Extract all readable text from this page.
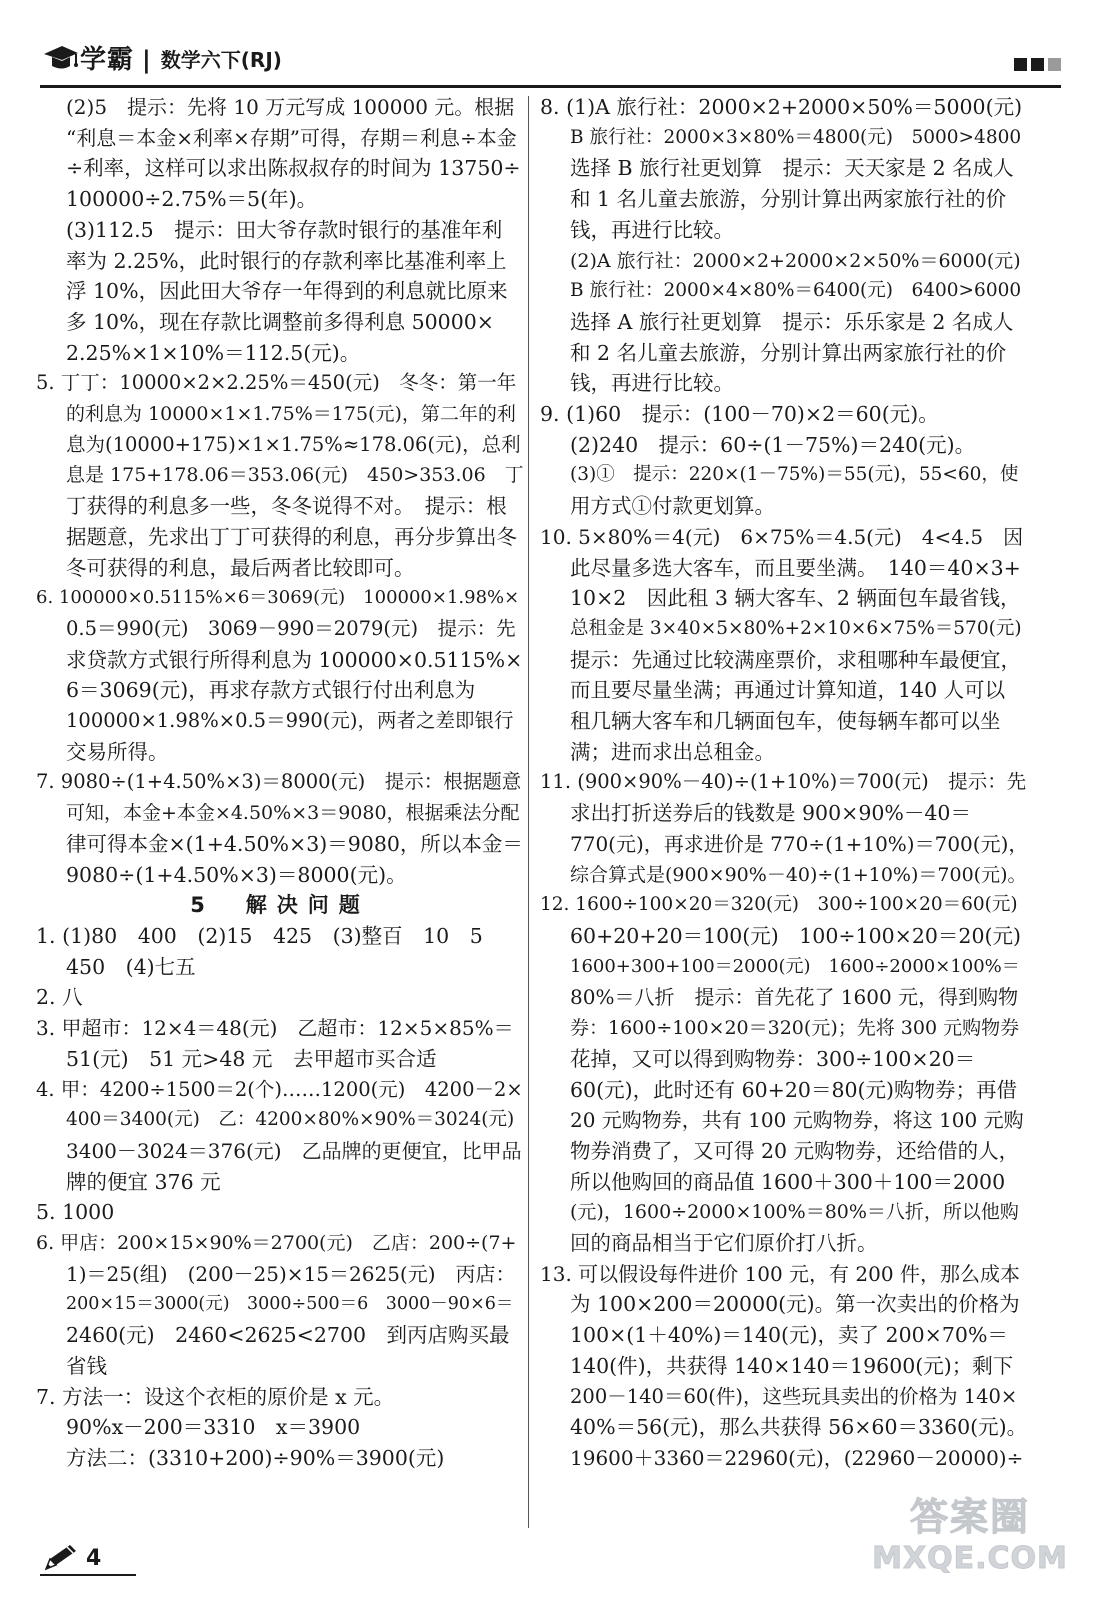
学霸 | 数学六下(RJ)
(2)5　提示：先将 10 万元写成 100000 元。根据
“利息＝本金×利率×存期”可得，存期＝利息÷本金
÷利率，这样可以求出陈叔叔存的时间为 13750÷
100000÷2.75%＝5(年)。
(3)112.5　提示：田大爷存款时银行的基准年利
率为 2.25%，此时银行的存款利率比基准利率上
浮 10%，因此田大爷存一年得到的利息就比原来
多 10%，现在存款比调整前多得利息 50000×
2.25%×1×10%＝112.5(元)。
5. 丁丁：10000×2×2.25%＝450(元)　冬冬：第一年
的利息为 10000×1×1.75%＝175(元)，第二年的利
息为(10000+175)×1×1.75%≈178.06(元)，总利
息是 175+178.06＝353.06(元)　450>353.06　丁
丁获得的利息多一些，冬冬说得不对。　提示：根
据题意，先求出丁丁可获得的利息，再分步算出冬
冬可获得的利息，最后两者比较即可。
6. 100000×0.5115%×6＝3069(元)　100000×1.98%×
0.5＝990(元)　3069－990＝2079(元)　提示：先
求贷款方式银行所得利息为 100000×0.5115%×
6＝3069(元)，再求存款方式银行付出利息为
100000×1.98%×0.5＝990(元)，两者之差即银行
交易所得。
7. 9080÷(1+4.50%×3)＝8000(元)　提示：根据题意
可知，本金+本金×4.50%×3＝9080，根据乘法分配
律可得本金×(1+4.50%×3)＝9080，所以本金＝
9080÷(1+4.50%×3)＝8000(元)。
5　解决问题
1. (1)80　400　(2)15　425　(3)整百　10　5
450　(4)七五
2. 八
3. 甲超市：12×4＝48(元)　乙超市：12×5×85%＝
51(元)　51 元>48 元　去甲超市买合适
4. 甲：4200÷1500＝2(个)……1200(元)　4200－2×
400＝3400(元)　乙：4200×80%×90%＝3024(元)
3400－3024＝376(元)　乙品牌的更便宜，比甲品
牌的便宜 376 元
5. 1000
6. 甲店：200×15×90%＝2700(元)　乙店：200÷(7+
1)＝25(组)　(200－25)×15＝2625(元)　丙店：
200×15＝3000(元)　3000÷500＝6　3000－90×6＝
2460(元)　2460<2625<2700　到丙店购买最
省钱
7. 方法一：设这个衣柜的原价是 x 元。
90%x－200＝3310　x＝3900
方法二：(3310+200)÷90%＝3900(元)
8. (1)A 旅行社：2000×2+2000×50%＝5000(元)
B 旅行社：2000×3×80%＝4800(元)　5000>4800
选择 B 旅行社更划算　提示：天天家是 2 名成人
和 1 名儿童去旅游，分别计算出两家旅行社的价
钱，再进行比较。
(2)A 旅行社：2000×2+2000×2×50%＝6000(元)
B 旅行社：2000×4×80%＝6400(元)　6400>6000
选择 A 旅行社更划算　提示：乐乐家是 2 名成人
和 2 名儿童去旅游，分别计算出两家旅行社的价
钱，再进行比较。
9. (1)60　提示：(100－70)×2＝60(元)。
(2)240　提示：60÷(1－75%)＝240(元)。
(3)①　提示：220×(1－75%)＝55(元)，55<60，使
用方式①付款更划算。
10. 5×80%＝4(元)　6×75%＝4.5(元)　4<4.5　因
此尽量多选大客车，而且要坐满。　140＝40×3+
10×2　因此租 3 辆大客车、2 辆面包车最省钱，
总租金是 3×40×5×80%+2×10×6×75%＝570(元)
提示：先通过比较满座票价，求租哪种车最便宜，
而且要尽量坐满；再通过计算知道，140 人可以
租几辆大客车和几辆面包车，使每辆车都可以坐
满；进而求出总租金。
11. (900×90%－40)÷(1+10%)＝700(元)　提示：先
求出打折送券后的钱数是 900×90%－40＝
770(元)，再求进价是 770÷(1+10%)＝700(元)，
综合算式是(900×90%－40)÷(1+10%)＝700(元)。
12. 1600÷100×20＝320(元)　300÷100×20＝60(元)
60+20+20＝100(元)　100÷100×20＝20(元)
1600+300+100＝2000(元)　1600÷2000×100%＝
80%＝八折　提示：首先花了 1600 元，得到购物
券：1600÷100×20＝320(元)；先将 300 元购物券
花掉，又可以得到购物券：300÷100×20＝
60(元)，此时还有 60+20＝80(元)购物券；再借
20 元购物券，共有 100 元购物券，将这 100 元购
物券消费了，又可得 20 元购物券，还给借的人，
所以他购回的商品值 1600＋300＋100＝2000
(元)，1600÷2000×100%＝80%＝八折，所以他购
回的商品相当于它们原价打八折。
13. 可以假设每件进价 100 元，有 200 件，那么成本
为 100×200＝20000(元)。第一次卖出的价格为
100×(1＋40%)＝140(元)，卖了 200×70%＝
140(件)，共获得 140×140＝19600(元)；剩下
200－140＝60(件)，这些玩具卖出的价格为 140×
40%＝56(元)，那么共获得 56×60＝3360(元)。
19600＋3360＝22960(元)，(22960－20000)÷
4
答案圈
MXQE.COM
